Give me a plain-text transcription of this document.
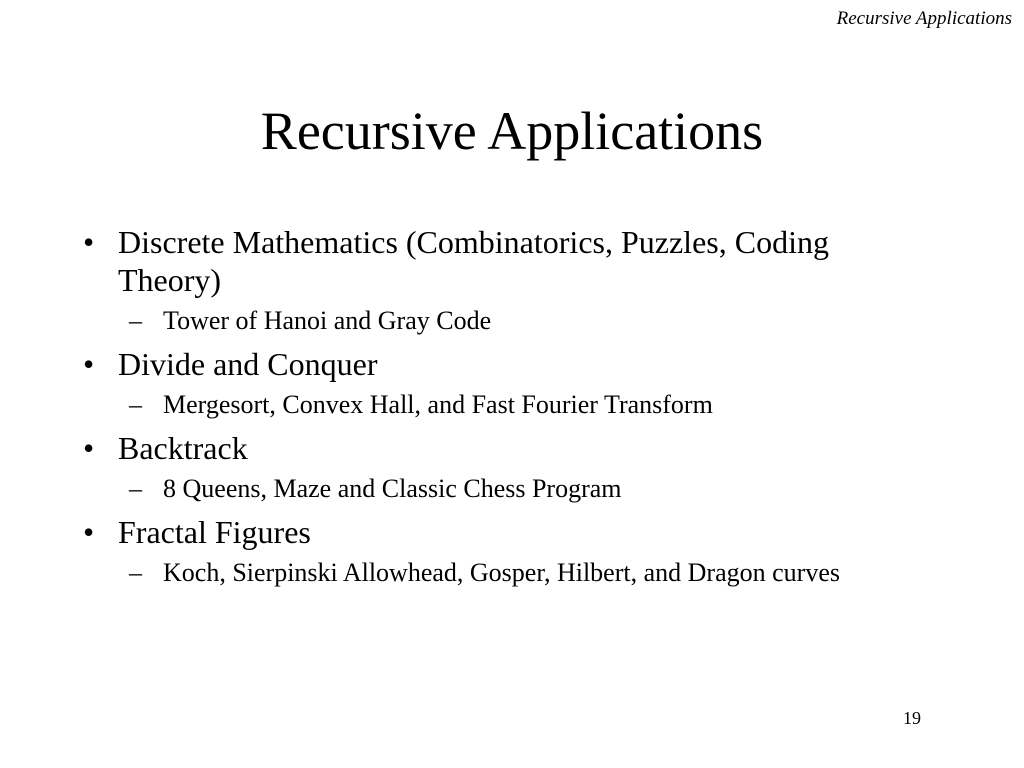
Recursive Applications
Recursive Applications
• Discrete Mathematics (Combinatorics, Puzzles, Coding Theory)
– Tower of Hanoi and Gray Code
• Divide and Conquer
– Mergesort, Convex Hall, and Fast Fourier Transform
• Backtrack
– 8 Queens, Maze and Classic Chess Program
• Fractal Figures
– Koch, Sierpinski Allowhead, Gosper, Hilbert, and Dragon curves
19
